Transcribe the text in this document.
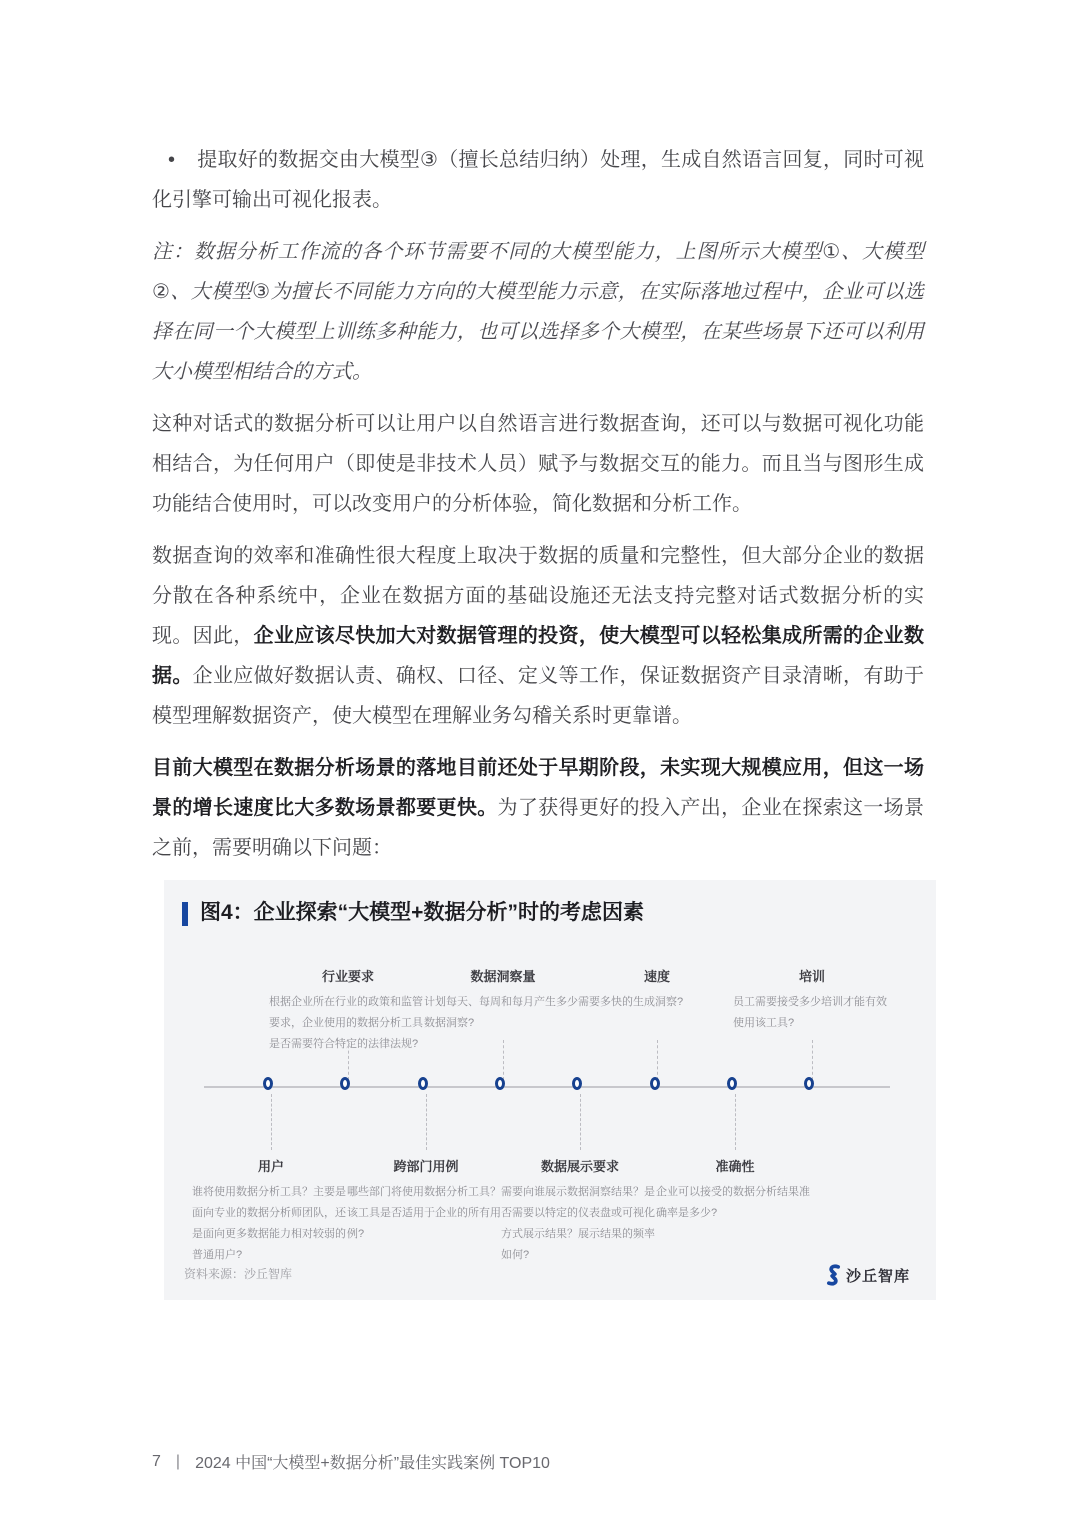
• 提取好的数据交由大模型③（擅长总结归纳）处理，生成自然语言回复，同时可视化引擎可输出可视化报表。

注：数据分析工作流的各个环节需要不同的大模型能力，上图所示大模型①、大模型②、大模型③为擅长不同能力方向的大模型能力示意，在实际落地过程中，企业可以选择在同一个大模型上训练多种能力，也可以选择多个大模型，在某些场景下还可以利用大小模型相结合的方式。

这种对话式的数据分析可以让用户以自然语言进行数据查询，还可以与数据可视化功能相结合，为任何用户（即使是非技术人员）赋予与数据交互的能力。而且当与图形生成功能结合使用时，可以改变用户的分析体验，简化数据和分析工作。

数据查询的效率和准确性很大程度上取决于数据的质量和完整性，但大部分企业的数据分散在各种系统中，企业在数据方面的基础设施还无法支持完整对话式数据分析的实现。因此，企业应该尽快加大对数据管理的投资，使大模型可以轻松集成所需的企业数据。企业应做好数据认责、确权、口径、定义等工作，保证数据资产目录清晰，有助于模型理解数据资产，使大模型在理解业务勾稽关系时更靠谱。

目前大模型在数据分析场景的落地目前还处于早期阶段，未实现大规模应用，但这一场景的增长速度比大多数场景都要更快。为了获得更好的投入产出，企业在探索这一场景之前，需要明确以下问题：

图4：企业探索“大模型+数据分析”时的考虑因素
行业要求

根据企业所在行业的政策和监管要求，企业使用的数据分析工具是否需要符合特定的法律法规?

数据洞察量

计划每天、每周和每月产生多少数据洞察?

速度

需要多快的生成洞察?

培训

员工需要接受多少培训才能有效使用该工具?

用户

谁将使用数据分析工具？主要是面向专业的数据分析师团队，还是面向更多数据能力相对较弱的普通用户?

跨部门用例

哪些部门将使用数据分析工具？该工具是否适用于企业的所有用例?

数据展示要求

需要向谁展示数据洞察结果？是否需要以特定的仪表盘或可视化方式展示结果？展示结果的频率如何?

准确性

企业可以接受的数据分析结果准确率是多少?

资料来源：沙丘智库	沙丘智库
7 | 2024 中国“大模型+数据分析”最佳实践案例 TOP10
